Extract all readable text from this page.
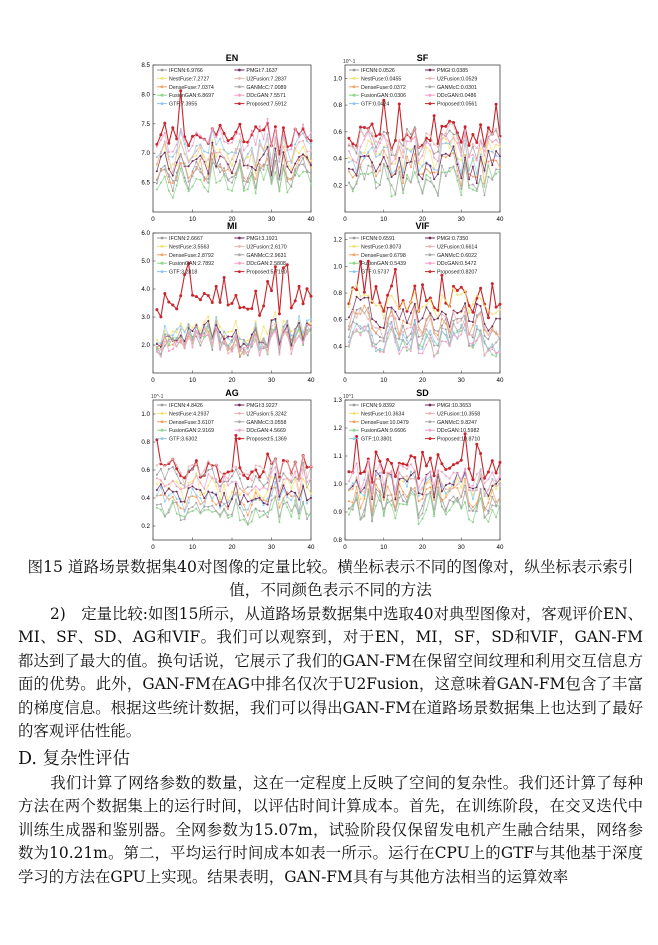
EN
6.5
7.0
7.5
8.0
8.5
0	10	20	30	40
IFCNN:6.9766	PMGI:7.1637
NestFuse:7.2727	U2Fusion:7.2837
DenseFuse:7.0374	GANMcC:7.0089
FusionGAN:6.8697	DDcGAN:7.5571
GTF:7.3955	Proposed:7.5912
SF
10^-1
0.2
0.4
0.6
0.8
1.0
0	10	20	30	40
IFCNN:0.0526	PMGI:0.0385
NestFuse:0.0455	U2Fusion:0.0529
DenseFuse:0.0372	GANMcC:0.0301
FusionGAN:0.0306	DDcGAN:0.0486
GTF:0.0424	Proposed:0.0561
MI
2.0
3.0
4.0
5.0
6.0
0	10	20	30	40
IFCNN:2.6667	PMGI:3.1921
NestFuse:3.5563	U2Fusion:2.6170
DenseFuse:2.8792	GANMcC:2.9631
FusionGAN:2.7892	DDcGAN:2.5808
GTF:3.2818	Proposed:5.7150
VIF
0.4
0.6
0.8
1.0
1.2
0	10	20	30	40
IFCNN:0.6591	PMGI:0.7350
NestFuse:0.8073	U2Fusion:0.6614
DenseFuse:0.6798	GANMcC:0.6022
FusionGAN:0.5439	DDcGAN:0.5472
GTF:0.5737	Proposed:0.8207
AG
10^-1
0.2
0.4
0.6
0.8
1.0
0	10	20	30	40
IFCNN:4.8426	PMGI:3.9227
NestFuse:4.2937	U2Fusion:5.3242
DenseFuse:3.6107	GANMcC:3.0558
FusionGAN:2.9169	DDcGAN:4.5669
GTF:3.6302	Proposed:5.1369
SD
10^1
0.8
0.9
1.0
1.1
1.2
1.3
0	10	20	30	40
IFCNN:9.8392	PMGI:10.3653
NestFuse:10.3634	U2Fusion:10.3558
DenseFuse:10.0479	GANMcC:9.8247
FusionGAN:9.6606	DDcGAN:10.5982
GTF:10.3801	Proposed:10.8710
图15 道路场景数据集40对图像的定量比较。横坐标表示不同的图像对，纵坐标表示索引值，不同颜色表示不同的方法

2)　定量比较:如图15所示，从道路场景数据集中选取40对典型图像对，客观评价EN、MI、SF、SD、AG和VIF。我们可以观察到，对于EN，MI，SF，SD和VIF，GAN-FM都达到了最大的值。换句话说，它展示了我们的GAN-FM在保留空间纹理和利用交互信息方面的优势。此外，GAN-FM在AG中排名仅次于U2Fusion，这意味着GAN-FM包含了丰富的梯度信息。根据这些统计数据，我们可以得出GAN-FM在道路场景数据集上也达到了最好的客观评估性能。

D. 复杂性评估

我们计算了网络参数的数量，这在一定程度上反映了空间的复杂性。我们还计算了每种方法在两个数据集上的运行时间，以评估时间计算成本。首先，在训练阶段，在交叉迭代中训练生成器和鉴别器。全网参数为15.07m，试验阶段仅保留发电机产生融合结果，网络参数为10.21m。第二，平均运行时间成本如表一所示。运行在CPU上的GTF与其他基于深度学习的方法在GPU上实现。结果表明，GAN-FM具有与其他方法相当的运算效率
